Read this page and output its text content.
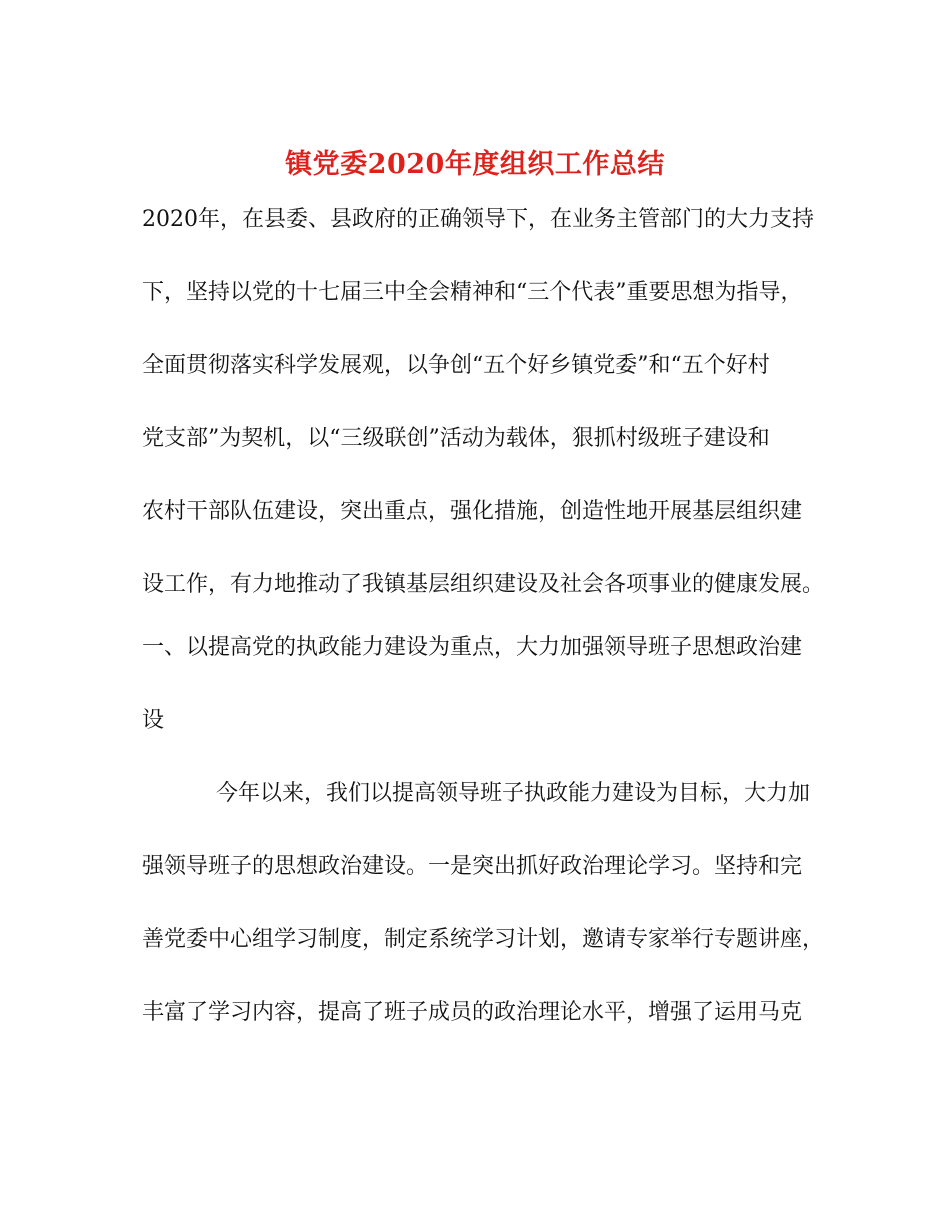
镇党委2020年度组织工作总结
2020年，在县委、县政府的正确领导下，在业务主管部门的大力支持
下，坚持以党的十七届三中全会精神和“三个代表”重要思想为指导，
全面贯彻落实科学发展观，以争创“五个好乡镇党委”和“五个好村
党支部”为契机，以“三级联创”活动为载体，狠抓村级班子建设和
农村干部队伍建设，突出重点，强化措施，创造性地开展基层组织建
设工作，有力地推动了我镇基层组织建设及社会各项事业的健康发展。
一、以提高党的执政能力建设为重点，大力加强领导班子思想政治建
设
今年以来，我们以提高领导班子执政能力建设为目标，大力加
强领导班子的思想政治建设。一是突出抓好政治理论学习。坚持和完
善党委中心组学习制度，制定系统学习计划，邀请专家举行专题讲座，
丰富了学习内容，提高了班子成员的政治理论水平，增强了运用马克
